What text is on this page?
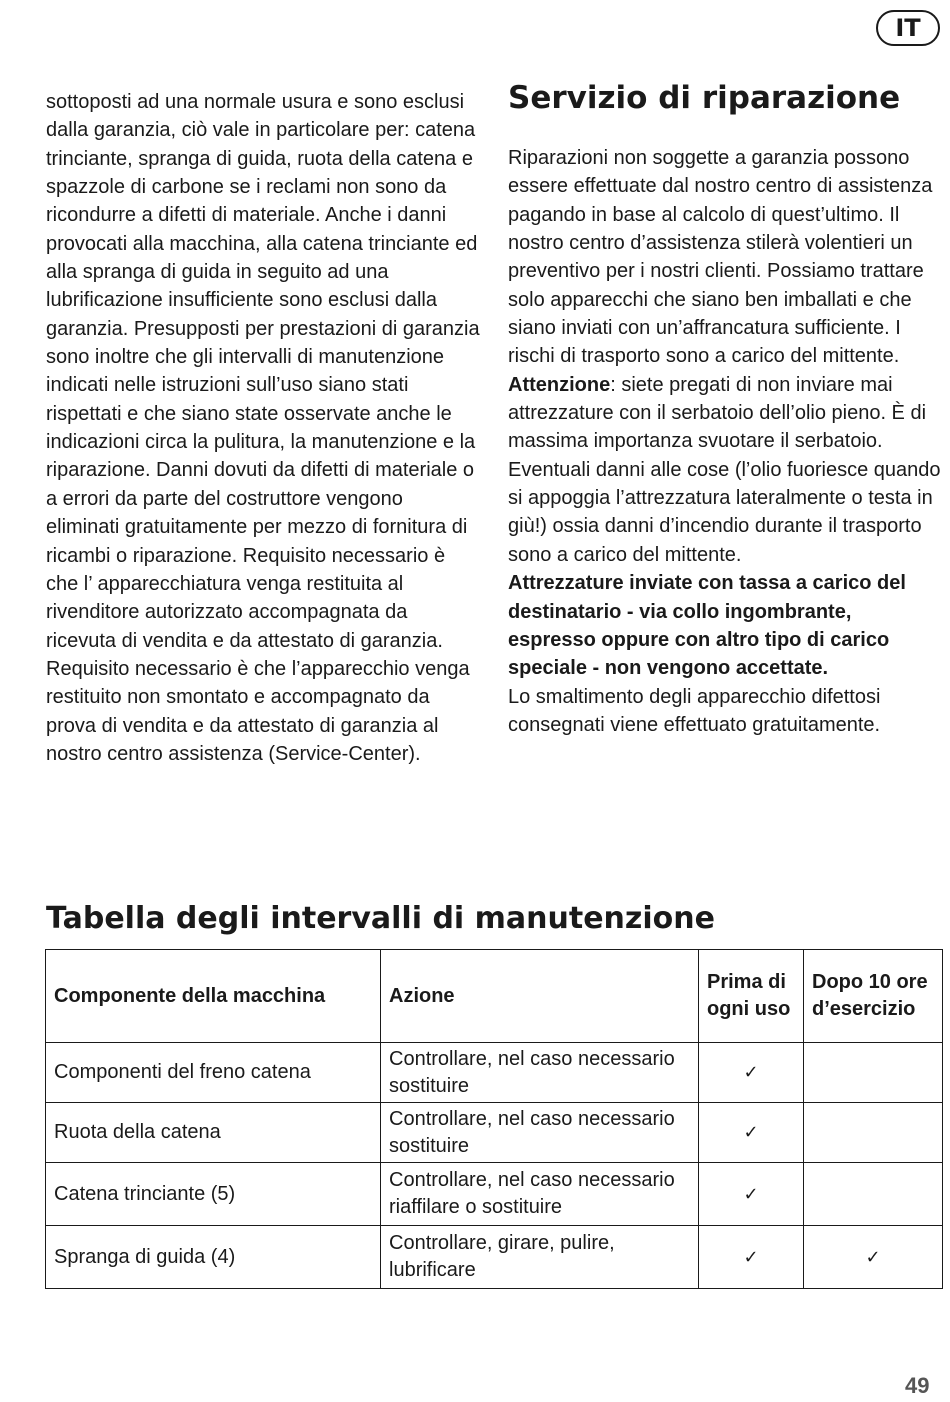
IT

sottoposti ad una normale usura e sono esclusi dalla garanzia, ciò vale in particolare per: catena trinciante, spranga di guida, ruota della catena e spazzole di carbone se i reclami non sono da ricondurre a difetti di materiale. Anche i danni provocati alla macchina, alla catena trinciante ed alla spranga di guida in seguito ad una lubrificazione insufficiente sono esclusi dalla garanzia. Presupposti per prestazioni di garanzia sono inoltre che gli intervalli di manutenzione indicati nelle istruzioni sull’uso siano stati rispettati e che siano state osservate anche le indicazioni circa la pulitura, la manutenzione e la riparazione. Danni dovuti da difetti di materiale o a errori da parte del costruttore vengono eliminati gratuitamente per mezzo di fornitura di ricambi o riparazione. Requisito necessario è che l’ apparecchiatura venga restituita al rivenditore autorizzato accompagnata da ricevuta di vendita e da attestato di garanzia. Requisito necessario è che l’apparecchio venga restituito non smontato e accompagnato da prova di vendita e da attestato di garanzia al nostro centro assistenza (Service-Center).

Servizio di riparazione

Riparazioni non soggette a garanzia possono essere effettuate dal nostro centro di assistenza pagando in base al calcolo di quest’ultimo. Il nostro centro d’assistenza stilerà volentieri un preventivo per i nostri clienti. Possiamo trattare solo apparecchi che siano ben imballati e che siano inviati con un’affrancatura sufficiente. I rischi di trasporto sono a carico del mittente.

Attenzione: siete pregati di non inviare mai attrezzature con il serbatoio dell’olio pieno. È di massima importanza svuotare il serbatoio. Eventuali danni alle cose (l’olio fuoriesce quando si appoggia l’attrezzatura lateralmente o testa in giù!) ossia danni d’incendio durante il trasporto sono a carico del mittente.

Attrezzature inviate con tassa a carico del destinatario - via collo ingombrante, espresso oppure con altro tipo di carico speciale - non vengono accettate.

Lo smaltimento degli apparecchio difettosi consegnati viene effettuato gratuitamente.

Tabella degli intervalli di manutenzione
Componente della macchina	Azione	Prima di ogni uso	Dopo 10 ore d’esercizio
Componenti del freno catena	Controllare, nel caso necessario sostituire	✓	
Ruota della catena	Controllare, nel caso necessario sostituire	✓	
Catena trinciante (5)	Controllare, nel caso necessario riaffilare o sostituire	✓	
Spranga di guida (4)	Controllare, girare, pulire, lubrificare	✓	✓
49
